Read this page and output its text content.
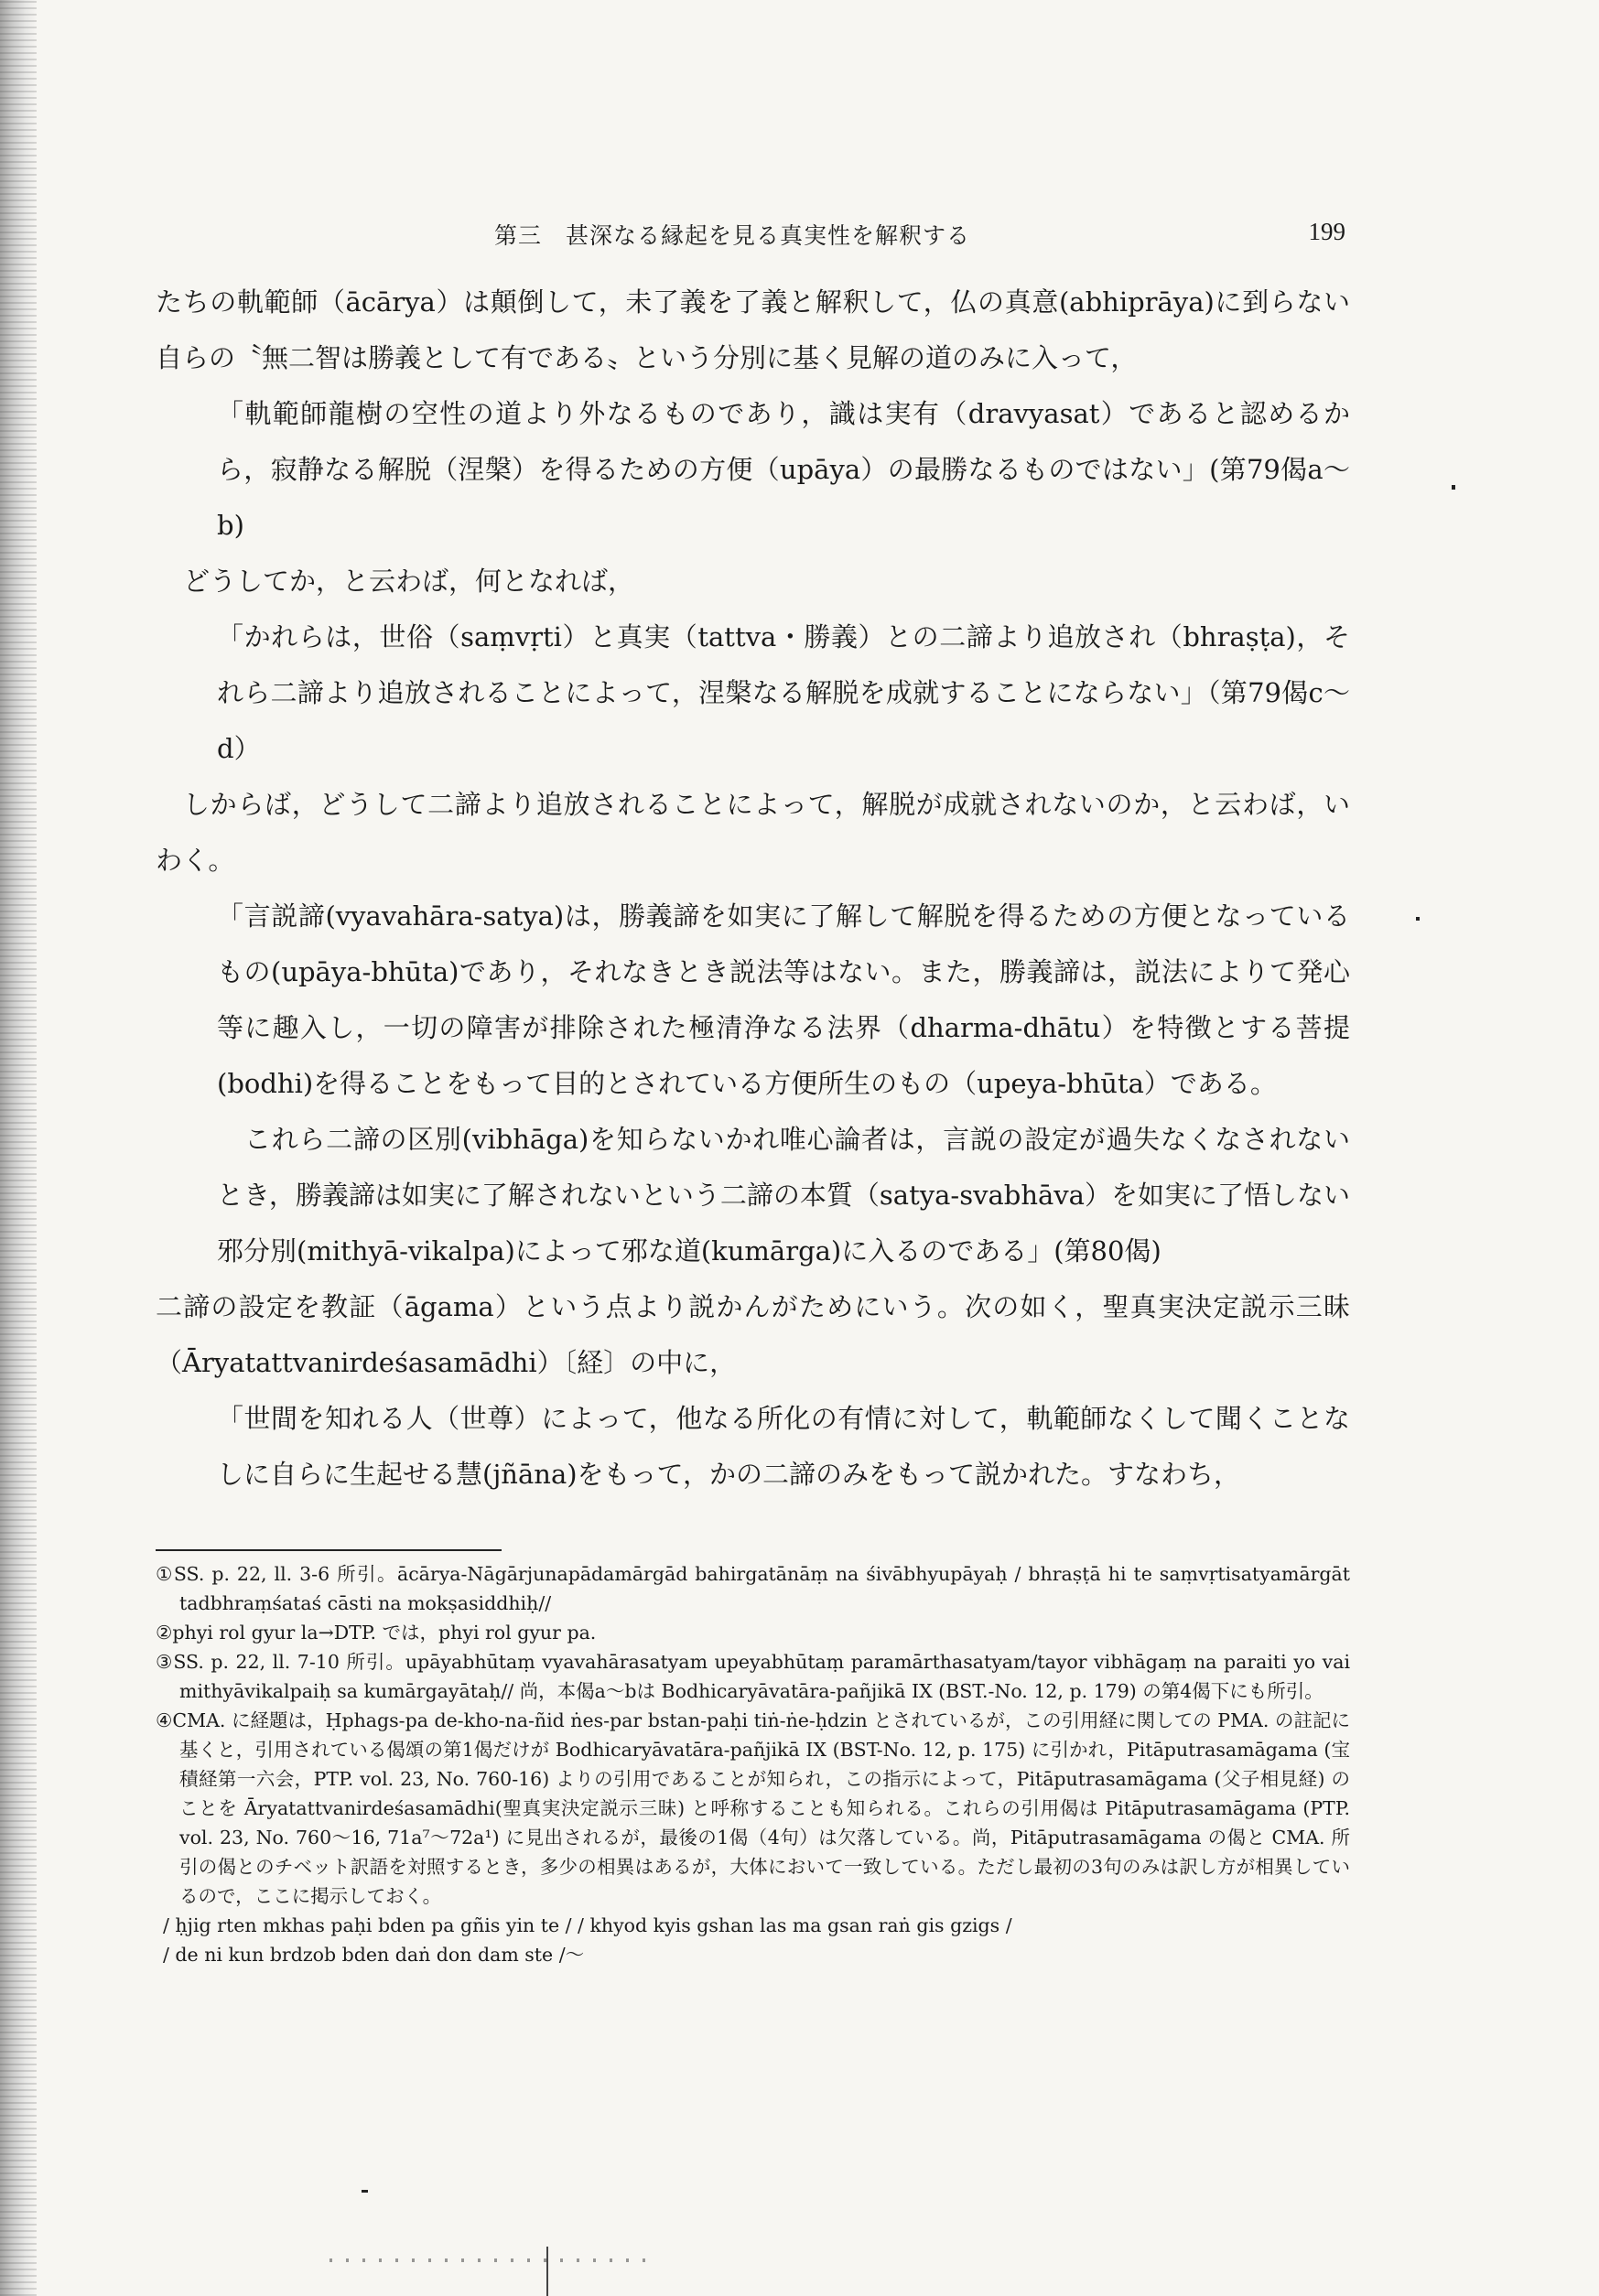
第三　甚深なる縁起を見る真実性を解釈する	199

たちの軌範師（ācārya）は顛倒して，未了義を了義と解釈して，仏の真意(abhiprāya)に到らない自らの〝無二智は勝義として有である〟という分別に基く見解の道のみに入って，

「軌範師龍樹の空性の道より外なるものであり，識は実有（dravyasat）であると認めるから，寂静なる解脱（涅槃）を得るための方便（upāya）の最勝なるものではない」(第79偈a～b)

どうしてか，と云わば，何となれば，

「かれらは，世俗（saṃvṛti）と真実（tattva・勝義）との二諦より追放され（bhraṣṭa)，それら二諦より追放されることによって，涅槃なる解脱を成就することにならない」（第79偈c～d）

しからば，どうして二諦より追放されることによって，解脱が成就されないのか，と云わば，いわく。

「言説諦(vyavahāra-satya)は，勝義諦を如実に了解して解脱を得るための方便となっているもの(upāya-bhūta)であり，それなきとき説法等はない。また，勝義諦は，説法によりて発心等に趣入し，一切の障害が排除された極清浄なる法界（dharma-dhātu）を特徴とする菩提(bodhi)を得ることをもって目的とされている方便所生のもの（upeya-bhūta）である。

これら二諦の区別(vibhāga)を知らないかれ唯心論者は，言説の設定が過失なくなされないとき，勝義諦は如実に了解されないという二諦の本質（satya-svabhāva）を如実に了悟しない邪分別(mithyā-vikalpa)によって邪な道(kumārga)に入るのである」(第80偈)

二諦の設定を教証（āgama）という点より説かんがためにいう。次の如く，聖真実決定説示三昧（Āryatattvanirdeśasamādhi）〔経〕の中に，

「世間を知れる人（世尊）によって，他なる所化の有情に対して，軌範師なくして聞くことなしに自らに生起せる慧(jñāna)をもって，かの二諦のみをもって説かれた。すなわち，

①SS. p. 22, ll. 3-6 所引。ācārya-Nāgārjunapādamārgād bahirgatānāṃ na śivābhyupāyaḥ / bhraṣṭā hi te saṃvṛtisatyamārgāt tadbhraṃśataś cāsti na mokṣasiddhiḥ//

②phyi rol gyur la→DTP. では，phyi rol gyur pa.

③SS. p. 22, ll. 7-10 所引。upāyabhūtaṃ vyavahārasatyam upeyabhūtaṃ paramārthasatyam/tayor vibhāgaṃ na paraiti yo vai mithyāvikalpaiḥ sa kumārgayātaḥ// 尚，本偈a～bは Bodhicaryāvatāra-pañjikā IX (BST.-No. 12, p. 179) の第4偈下にも所引。

④CMA. に経題は，Ḥphags-pa de-kho-na-ñid ṅes-par bstan-paḥi tiṅ-ṅe-ḥdzin とされているが，この引用経に関しての PMA. の註記に基くと，引用されている偈頌の第1偈だけが Bodhicaryāvatāra-pañjikā IX (BST-No. 12, p. 175) に引かれ，Pitāputrasamāgama (宝積経第一六会，PTP. vol. 23, No. 760-16) よりの引用であることが知られ，この指示によって，Pitāputrasamāgama (父子相見経) のことを Āryatattvanirdeśasamādhi(聖真実決定説示三昧) と呼称することも知られる。これらの引用偈は Pitāputrasamāgama (PTP. vol. 23, No. 760～16, 71a⁷～72a¹) に見出されるが，最後の1偈（4句）は欠落している。尚，Pitāputrasamāgama の偈と CMA. 所引の偈とのチベット訳語を対照するとき，多少の相異はあるが，大体において一致している。ただし最初の3句のみは訳し方が相異しているので，ここに掲示しておく。

/ ḥjig rten mkhas paḥi bden pa gñis yin te / / khyod kyis gshan las ma gsan raṅ gis gzigs /

/ de ni kun brdzob bden daṅ don dam ste /～
